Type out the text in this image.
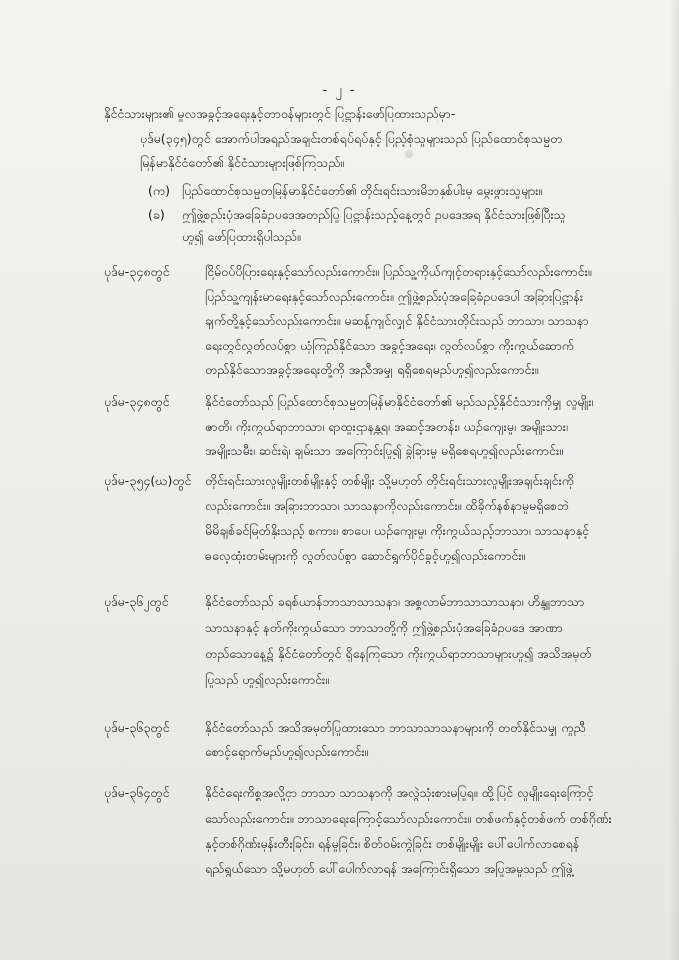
- ၂ -
နိုင်ငံသားများ၏ မူလအခွင့်အရေးနှင့်တာဝန်များတွင် ပြဋ္ဌာန်းဖော်ပြထားသည်မှာ-
ပုဒ်မ(၃၄၅)တွင် အောက်ပါအရည်အချင်းတစ်ရပ်ရပ်နှင့် ပြည့်စုံသူများသည် ပြည်ထောင်စုသမ္မတ
မြန်မာနိုင်ငံတော်၏ နိုင်ငံသားများဖြစ်ကြသည်။
(က) ပြည်ထောင်စုသမ္မတမြန်မာနိုင်ငံတော်၏ တိုင်းရင်းသားမိဘနှစ်ပါးမှ မွေးဖွားသူများ။
(ခ) ဤဖွဲ့စည်းပုံအခြေခံဥပဒေအတည်ပြု ပြဋ္ဌာန်းသည့်နေ့တွင် ဥပဒေအရ နိုင်ငံသားဖြစ်ပြီးသူ
ဟူ၍ ဖော်ပြထားရှိပါသည်။
ပုဒ်မ-၃၄၈တွင်	ငြိမ်ဝပ်ပိပြားရေးနှင့်သော်လည်းကောင်း။ ပြည်သူ့ကိုယ်ကျင့်တရားနှင့်သော်လည်းကောင်း။
ပြည်သူ့ကျန်းမာရေးနှင့်သော်လည်းကောင်း။ ဤဖွဲ့စည်းပုံအခြေခံဥပဒေပါ အခြားပြဋ္ဌာန်း
ချက်တို့နှင့်သော်လည်းကောင်း။ မဆန့်ကျင်လျှင် နိုင်ငံသားတိုင်းသည် ဘာသာ၊ သာသနာ
ရေးတွင်လွတ်လပ်စွာ ယုံကြည်နိုင်သော အခွင့်အရေး၊ လွတ်လပ်စွာ ကိုးကွယ်ဆောက်
တည်နိုင်သောအခွင့်အရေးတို့ကို အညီအမျှ ရရှိစေရမည်ဟူ၍လည်းကောင်း။
ပုဒ်မ-၃၄၈တွင်	နိုင်ငံတော်သည် ပြည်ထောင်စုသမ္မတမြန်မာနိုင်ငံတော်၏ မည်သည့်နိုင်ငံသားကိုမျှ လူမျိုး၊
ဇာတိ၊ ကိုးကွယ်ရာဘာသာ၊ ရာထူးဌာနန္တရ၊ အဆင့်အတန်း၊ ယဉ်ကျေးမှု၊ အမျိုးသား၊
အမျိုးသမီး၊ ဆင်းရဲ၊ ချမ်းသာ အကြောင်းပြု၍ ခွဲခြားမှု မရှိစေရဟူ၍လည်းကောင်း။
ပုဒ်မ-၃၅၄(ဃ)တွင် တိုင်းရင်းသားလူမျိုးတစ်မျိုးနှင့် တစ်မျိုး သို့မဟုတ် တိုင်းရင်းသားလူမျိုးအချင်းချင်းကို
လည်းကောင်း။ အခြားဘာသာ၊ သာသနာကိုလည်းကောင်း။ ထိခိုက်နစ်နာမှုမရှိစေဘဲ
မိမိချစ်ခင်မြတ်နိုးသည့် စကား၊ စာပေ၊ ယဉ်ကျေးမှု၊ ကိုးကွယ်သည့်ဘာသာ၊ သာသနာနှင့်
ဓလေ့ထုံးတမ်းများကို လွတ်လပ်စွာ ဆောင်ရွက်ပိုင်ခွင့်ဟူ၍လည်းကောင်း။
ပုဒ်မ-၃၆၂တွင်	နိုင်ငံတော်သည် ခရစ်ယာန်ဘာသာသာသနာ၊ အစ္စလာမ်ဘာသာသာသနာ၊ ဟိန္ဒူဘာသာ
သာသနာနှင့် နတ်ကိုးကွယ်သော ဘာသာတို့ကို ဤဖွဲ့စည်းပုံအခြေခံဥပဒေ အာဏာ
တည်သောနေ့၌ နိုင်ငံတော်တွင် ရှိနေကြသော ကိုးကွယ်ရာဘာသာများဟူ၍ အသိအမှတ်
ပြုသည် ဟူ၍လည်းကောင်း။
ပုဒ်မ-၃၆၃တွင်	နိုင်ငံတော်သည် အသိအမှတ်ပြုထားသော ဘာသာသာသနာများကို တတ်နိုင်သမျှ ကူညီ
စောင့်ရှောက်မည်ဟူ၍လည်းကောင်း။
ပုဒ်မ-၃၆၄တွင်	နိုင်ငံရေးကိစ္စအလို့ငှာ ဘာသာ သာသနာကို အလွဲသုံးစားမပြုရ။ ထို့ပြင် လူမျိုးရေးကြောင့်
သော်လည်းကောင်း။ ဘာသာရေးကြောင့်သော်လည်းကောင်း။ တစ်ဖက်နှင့်တစ်ဖက် တစ်ဂိုဏ်း
နှင့်တစ်ဂိုဏ်းမုန်းတီးခြင်း၊ ရန်မူခြင်း၊ စိတ်ဝမ်းကွဲခြင်း တစ်မျိုးမျိုး ပေါ်ပေါက်လာစေရန်
ရည်ရွယ်သော သို့မဟုတ် ပေါ်ပေါက်လာရန် အကြောင်းရှိသော အပြုအမူသည် ဤဖွဲ့
